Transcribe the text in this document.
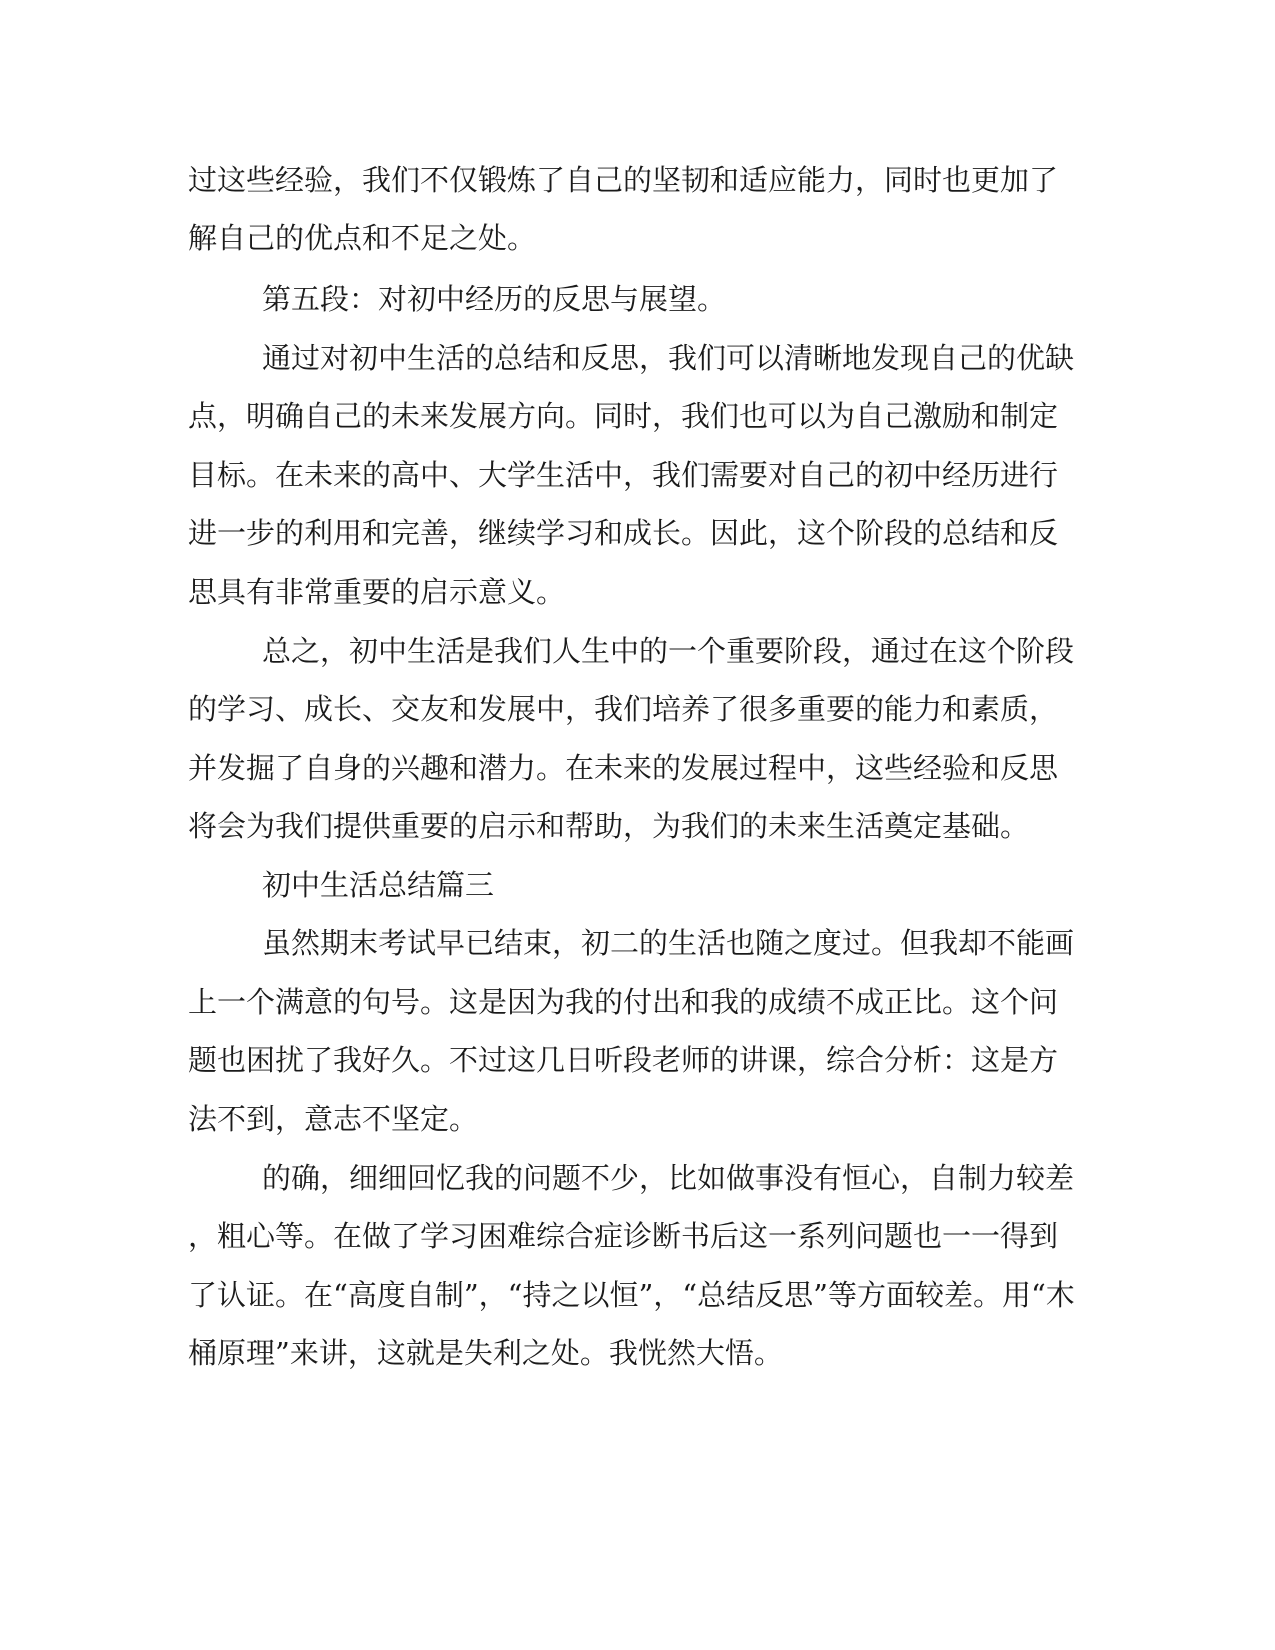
过这些经验，我们不仅锻炼了自己的坚韧和适应能力，同时也更加了
解自己的优点和不足之处。
第五段：对初中经历的反思与展望。
通过对初中生活的总结和反思，我们可以清晰地发现自己的优缺
点，明确自己的未来发展方向。同时，我们也可以为自己激励和制定
目标。在未来的高中、大学生活中，我们需要对自己的初中经历进行
进一步的利用和完善，继续学习和成长。因此，这个阶段的总结和反
思具有非常重要的启示意义。
总之，初中生活是我们人生中的一个重要阶段，通过在这个阶段
的学习、成长、交友和发展中，我们培养了很多重要的能力和素质，
并发掘了自身的兴趣和潜力。在未来的发展过程中，这些经验和反思
将会为我们提供重要的启示和帮助，为我们的未来生活奠定基础。
初中生活总结篇三
虽然期末考试早已结束，初二的生活也随之度过。但我却不能画
上一个满意的句号。这是因为我的付出和我的成绩不成正比。这个问
题也困扰了我好久。不过这几日听段老师的讲课，综合分析：这是方
法不到，意志不坚定。
的确，细细回忆我的问题不少，比如做事没有恒心，自制力较差
，粗心等。在做了学习困难综合症诊断书后这一系列问题也一一得到
了认证。在“高度自制”，“持之以恒”，“总结反思”等方面较差。用“木
桶原理”来讲，这就是失利之处。我恍然大悟。
